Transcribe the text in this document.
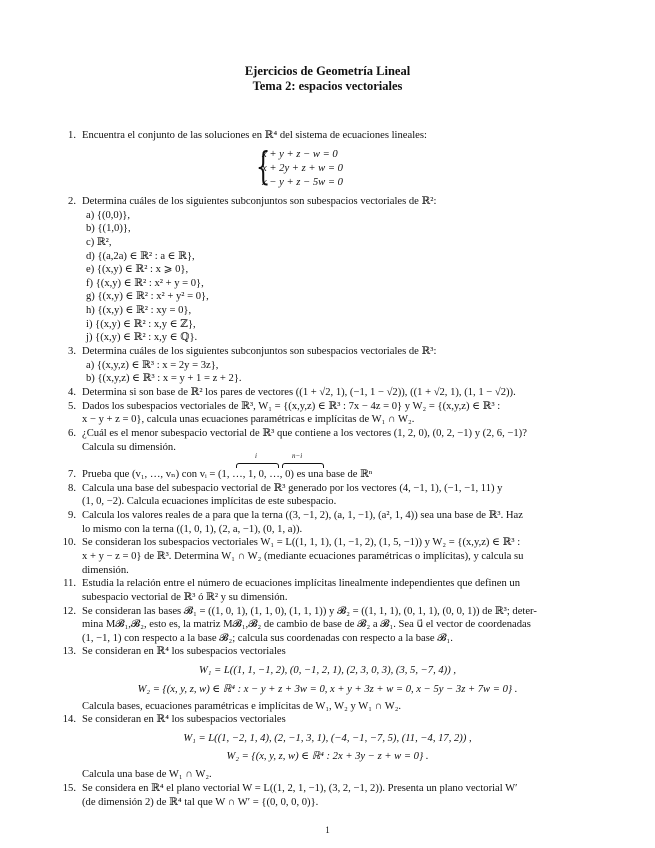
Ejercicios de Geometría Lineal
Tema 2: espacios vectoriales
1. Encuentra el conjunto de las soluciones en ℝ⁴ del sistema de ecuaciones lineales:
{
x + y + z − w = 0
x + 2y + z + w = 0
x − y + z − 5w = 0
2. Determina cuáles de los siguientes subconjuntos son subespacios vectoriales de ℝ²:
a) {(0,0)},
b) {(1,0)},
c) ℝ²,
d) {(a,2a) ∈ ℝ² : a ∈ ℝ},
e) {(x,y) ∈ ℝ² : x ⩾ 0},
f) {(x,y) ∈ ℝ² : x² + y = 0},
g) {(x,y) ∈ ℝ² : x² + y² = 0},
h) {(x,y) ∈ ℝ² : xy = 0},
i) {(x,y) ∈ ℝ² : x,y ∈ ℤ},
j) {(x,y) ∈ ℝ² : x,y ∈ ℚ}.
3. Determina cuáles de los siguientes subconjuntos son subespacios vectoriales de ℝ³:
a) {(x,y,z) ∈ ℝ³ : x = 2y = 3z},
b) {(x,y,z) ∈ ℝ³ : x = y + 1 = z + 2}.
4. Determina si son base de ℝ² los pares de vectores ((1 + √2, 1), (−1, 1 − √2)), ((1 + √2, 1), (1, 1 − √2)).
5. Dados los subespacios vectoriales de ℝ³, W₁ = {(x,y,z) ∈ ℝ³ : 7x − 4z = 0} y W₂ = {(x,y,z) ∈ ℝ³ :
x − y + z = 0}, calcula unas ecuaciones paramétricas e implícitas de W₁ ∩ W₂.
6. ¿Cuál es el menor subespacio vectorial de ℝ³ que contiene a los vectores (1, 2, 0), (0, 2, −1) y (2, 6, −1)?
Calcula su dimensión.
7. Prueba que (v₁, …, vₙ) con vᵢ = (1, …, 1, 0, …, 0) es una base de ℝⁿ
i	n−i
8. Calcula una base del subespacio vectorial de ℝ³ generado por los vectores (4, −1, 1), (−1, −1, 11) y
(1, 0, −2). Calcula ecuaciones implícitas de este subespacio.
9. Calcula los valores reales de a para que la terna ((3, −1, 2), (a, 1, −1), (a², 1, 4)) sea una base de ℝ³. Haz
lo mismo con la terna ((1, 0, 1), (2, a, −1), (0, 1, a)).
10. Se consideran los subespacios vectoriales W₁ = L((1, 1, 1), (1, −1, 2), (1, 5, −1)) y W₂ = {(x,y,z) ∈ ℝ³ :
x + y − z = 0} de ℝ³. Determina W₁ ∩ W₂ (mediante ecuaciones paramétricas o implícitas), y calcula su
dimensión.
11. Estudia la relación entre el número de ecuaciones implícitas linealmente independientes que definen un
subespacio vectorial de ℝ³ ó ℝ² y su dimensión.
12. Se consideran las bases 𝓑₁ = ((1, 0, 1), (1, 1, 0), (1, 1, 1)) y 𝓑₂ = ((1, 1, 1), (0, 1, 1), (0, 0, 1)) de ℝ³; deter-
mina M𝓑₁,𝓑₂, esto es, la matriz M𝓑₁,𝓑₂ de cambio de base de 𝓑₂ a 𝓑₁. Sea u⃗ el vector de coordenadas
(1, −1, 1) con respecto a la base 𝓑₂; calcula sus coordenadas con respecto a la base 𝓑₁.
13. Se consideran en ℝ⁴ los subespacios vectoriales
W₁ = L((1, 1, −1, 2), (0, −1, 2, 1), (2, 3, 0, 3), (3, 5, −7, 4)) ,
W₂ = {(x, y, z, w) ∈ ℝ⁴ : x − y + z + 3w = 0, x + y + 3z + w = 0, x − 5y − 3z + 7w = 0} .
Calcula bases, ecuaciones paramétricas e implícitas de W₁, W₂ y W₁ ∩ W₂.
14. Se consideran en ℝ⁴ los subespacios vectoriales
W₁ = L((1, −2, 1, 4), (2, −1, 3, 1), (−4, −1, −7, 5), (11, −4, 17, 2)) ,
W₂ = {(x, y, z, w) ∈ ℝ⁴ : 2x + 3y − z + w = 0} .
Calcula una base de W₁ ∩ W₂.
15. Se considera en ℝ⁴ el plano vectorial W = L((1, 2, 1, −1), (3, 2, −1, 2)). Presenta un plano vectorial W′
(de dimensión 2) de ℝ⁴ tal que W ∩ W′ = {(0, 0, 0, 0)}.
1
